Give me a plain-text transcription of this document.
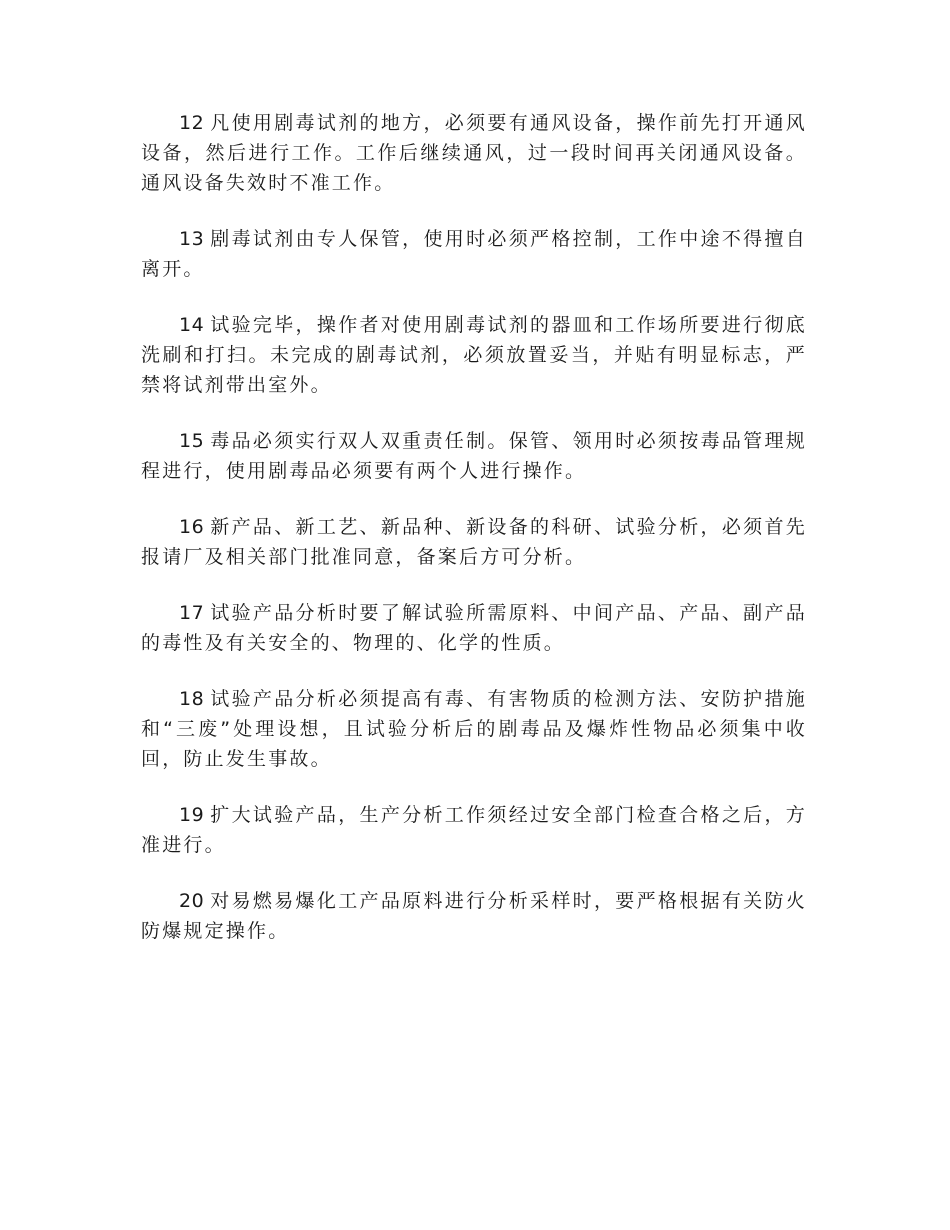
12 凡使用剧毒试剂的地方，必须要有通风设备，操作前先打开通风设备，然后进行工作。工作后继续通风，过一段时间再关闭通风设备。通风设备失效时不准工作。

13 剧毒试剂由专人保管，使用时必须严格控制，工作中途不得擅自离开。

14 试验完毕，操作者对使用剧毒试剂的器皿和工作场所要进行彻底洗刷和打扫。未完成的剧毒试剂，必须放置妥当，并贴有明显标志，严禁将试剂带出室外。

15 毒品必须实行双人双重责任制。保管、领用时必须按毒品管理规程进行，使用剧毒品必须要有两个人进行操作。

16 新产品、新工艺、新品种、新设备的科研、试验分析，必须首先报请厂及相关部门批准同意，备案后方可分析。

17 试验产品分析时要了解试验所需原料、中间产品、产品、副产品的毒性及有关安全的、物理的、化学的性质。

18 试验产品分析必须提高有毒、有害物质的检测方法、安防护措施和“三废”处理设想，且试验分析后的剧毒品及爆炸性物品必须集中收回，防止发生事故。

19 扩大试验产品，生产分析工作须经过安全部门检查合格之后，方准进行。

20 对易燃易爆化工产品原料进行分析采样时，要严格根据有关防火防爆规定操作。
